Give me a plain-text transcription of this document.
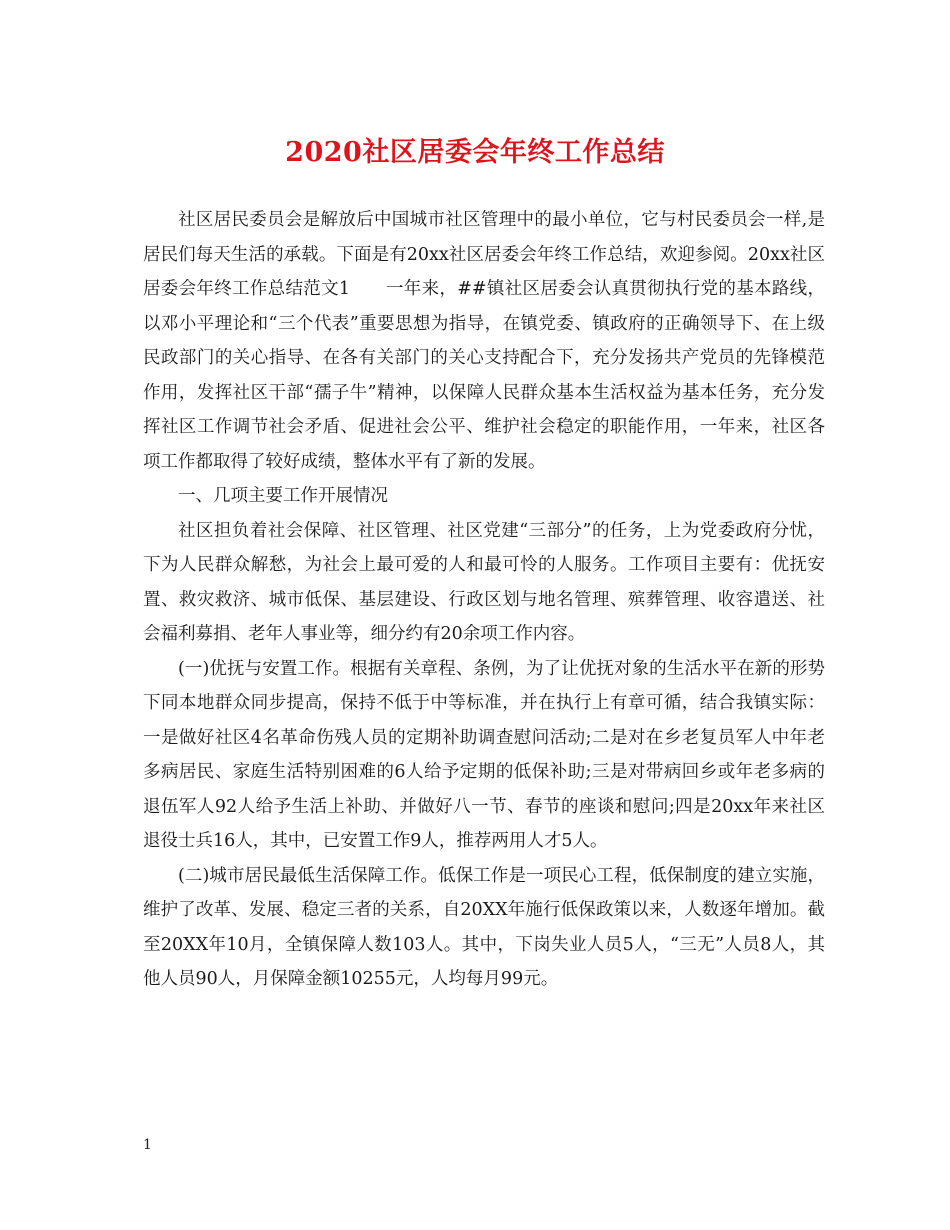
2020社区居委会年终工作总结

社区居民委员会是解放后中国城市社区管理中的最小单位，它与村民委员会一样,是居民们每天生活的承载。下面是有20xx社区居委会年终工作总结，欢迎参阅。20xx社区居委会年终工作总结范文1　　一年来，##镇社区居委会认真贯彻执行党的基本路线，以邓小平理论和“三个代表”重要思想为指导，在镇党委、镇政府的正确领导下、在上级民政部门的关心指导、在各有关部门的关心支持配合下，充分发扬共产党员的先锋模范作用，发挥社区干部“孺子牛”精神，以保障人民群众基本生活权益为基本任务，充分发挥社区工作调节社会矛盾、促进社会公平、维护社会稳定的职能作用，一年来，社区各项工作都取得了较好成绩，整体水平有了新的发展。

一、几项主要工作开展情况

社区担负着社会保障、社区管理、社区党建“三部分”的任务，上为党委政府分忧，下为人民群众解愁，为社会上最可爱的人和最可怜的人服务。工作项目主要有：优抚安置、救灾救济、城市低保、基层建设、行政区划与地名管理、殡葬管理、收容遣送、社会福利募捐、老年人事业等，细分约有20余项工作内容。

(一)优抚与安置工作。根据有关章程、条例，为了让优抚对象的生活水平在新的形势下同本地群众同步提高，保持不低于中等标准，并在执行上有章可循，结合我镇实际：一是做好社区4名革命伤残人员的定期补助调查慰问活动;二是对在乡老复员军人中年老多病居民、家庭生活特别困难的6人给予定期的低保补助;三是对带病回乡或年老多病的退伍军人92人给予生活上补助、并做好八一节、春节的座谈和慰问;四是20xx年来社区退役士兵16人，其中，已安置工作9人，推荐两用人才5人。

(二)城市居民最低生活保障工作。低保工作是一项民心工程，低保制度的建立实施，维护了改革、发展、稳定三者的关系，自20XX年施行低保政策以来，人数逐年增加。截至20XX年10月，全镇保障人数103人。其中，下岗失业人员5人，“三无”人员8人，其他人员90人，月保障金额10255元，人均每月99元。

1
